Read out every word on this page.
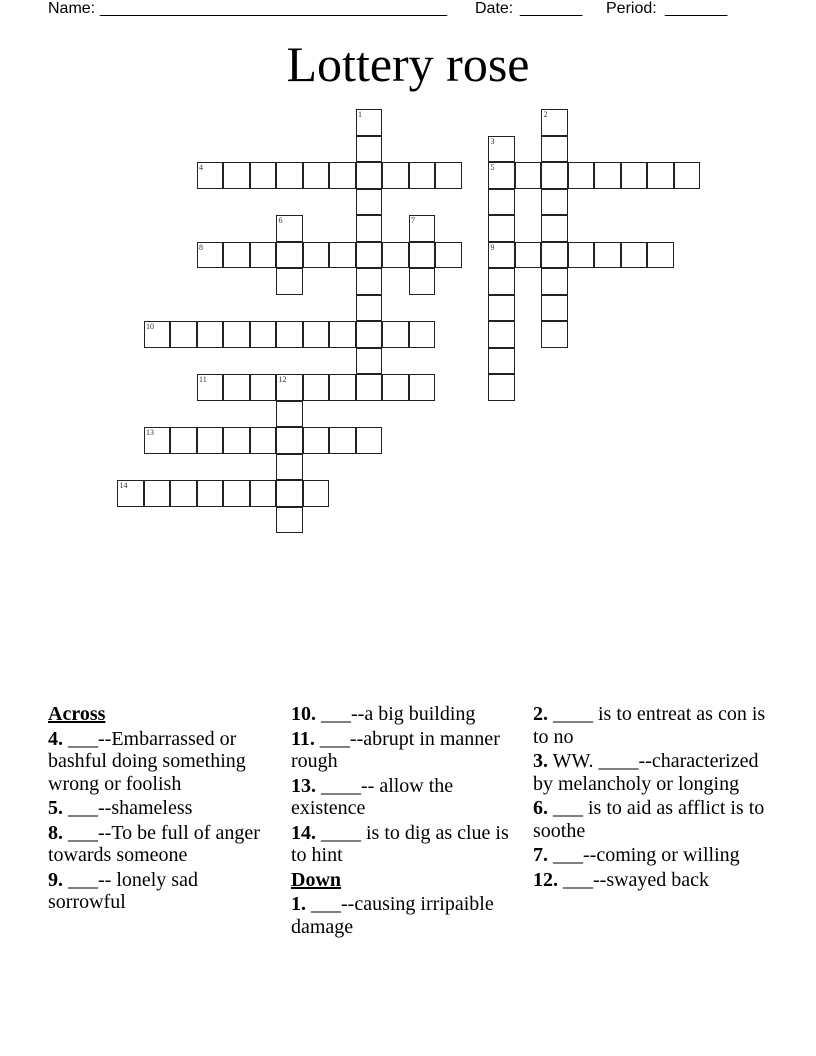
Name: _______________________________________ Date: _______ Period: _______
Lottery rose
1	2
3
5
9
4
6	7
8
10
11	12
13
14
Across
4. ___--Embarrassed or bashful doing something wrong or foolish
5. ___--shameless
8. ___--To be full of anger towards someone
9. ___-- lonely sad sorrowful
10. ___--a big building
11. ___--abrupt in manner rough
13. ____-- allow the existence
14. ____ is to dig as clue is to hint
Down
1. ___--causing irripaible damage
2. ____ is to entreat as con is to no
3. WW. ____--characterized by melancholy or longing
6. ___ is to aid as afflict is to soothe
7. ___--coming or willing
12. ___--swayed back
